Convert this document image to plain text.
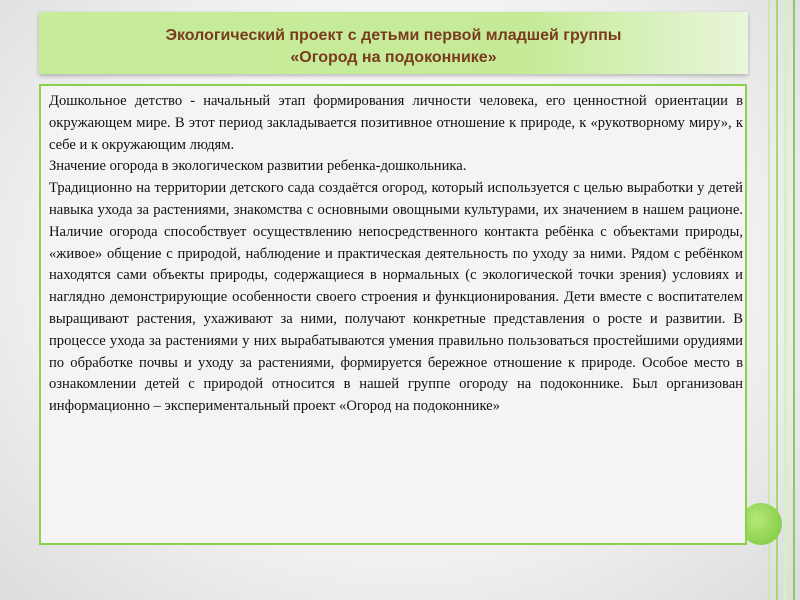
Экологический проект с детьми первой младшей группы
«Огород на подоконнике»

Дошкольное детство - начальный этап формирования личности человека, его ценностной ориентации в окружающем мире. В этот период закладывается позитивное отношение к природе, к «рукотворному миру», к себе и к окружающим людям.

Значение огорода в экологическом развитии ребенка-дошкольника.

Традиционно на территории детского сада создаётся огород, который используется с целью выработки у детей навыка ухода за растениями, знакомства с основными овощными культурами, их значением в нашем рационе. Наличие огорода способствует осуществлению непосредственного контакта ребёнка с объектами природы, «живое» общение с природой, наблюдение и практическая деятельность по уходу за ними. Рядом с ребёнком находятся сами объекты природы, содержащиеся в нормальных (с экологической точки зрения) условиях и наглядно демонстрирующие особенности своего строения и функционирования. Дети вместе с воспитателем выращивают растения, ухаживают за ними, получают конкретные представления о росте и развитии. В процессе ухода за растениями у них вырабатываются умения правильно пользоваться простейшими орудиями по обработке почвы и уходу за растениями, формируется бережное отношение к природе. Особое место в ознакомлении детей с природой относится в нашей группе огороду на подоконнике. Был организован информационно – экспериментальный проект «Огород на подоконнике»
